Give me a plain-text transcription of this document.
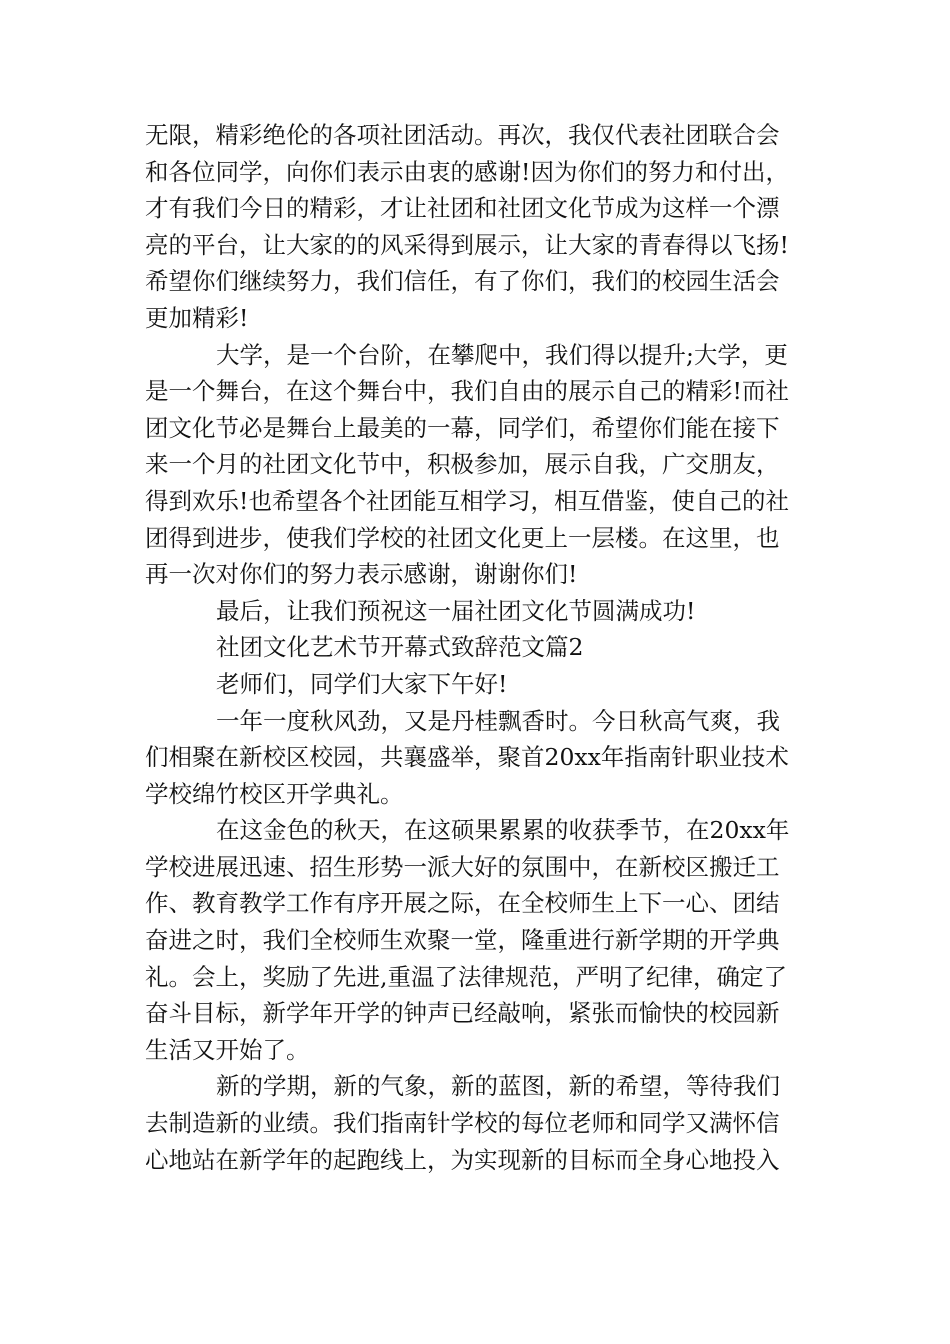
无限，精彩绝伦的各项社团活动。再次，我仅代表社团联合会
和各位同学，向你们表示由衷的感谢!因为你们的努力和付出，
才有我们今日的精彩，才让社团和社团文化节成为这样一个漂
亮的平台，让大家的的风采得到展示，让大家的青春得以飞扬!
希望你们继续努力，我们信任，有了你们，我们的校园生活会
更加精彩!
大学，是一个台阶，在攀爬中，我们得以提升;大学，更
是一个舞台，在这个舞台中，我们自由的展示自己的精彩!而社
团文化节必是舞台上最美的一幕，同学们，希望你们能在接下
来一个月的社团文化节中，积极参加，展示自我，广交朋友，
得到欢乐!也希望各个社团能互相学习，相互借鉴，使自己的社
团得到进步，使我们学校的社团文化更上一层楼。在这里，也
再一次对你们的努力表示感谢，谢谢你们!
最后，让我们预祝这一届社团文化节圆满成功!
社团文化艺术节开幕式致辞范文篇2
老师们，同学们大家下午好!
一年一度秋风劲，又是丹桂飘香时。今日秋高气爽，我
们相聚在新校区校园，共襄盛举，聚首20xx年指南针职业技术
学校绵竹校区开学典礼。
在这金色的秋天，在这硕果累累的收获季节，在20xx年
学校进展迅速、招生形势一派大好的氛围中，在新校区搬迁工
作、教育教学工作有序开展之际，在全校师生上下一心、团结
奋进之时，我们全校师生欢聚一堂，隆重进行新学期的开学典
礼。会上，奖励了先进,重温了法律规范，严明了纪律，确定了
奋斗目标，新学年开学的钟声已经敲响，紧张而愉快的校园新
生活又开始了。
新的学期，新的气象，新的蓝图，新的希望，等待我们
去制造新的业绩。我们指南针学校的每位老师和同学又满怀信
心地站在新学年的起跑线上，为实现新的目标而全身心地投入
